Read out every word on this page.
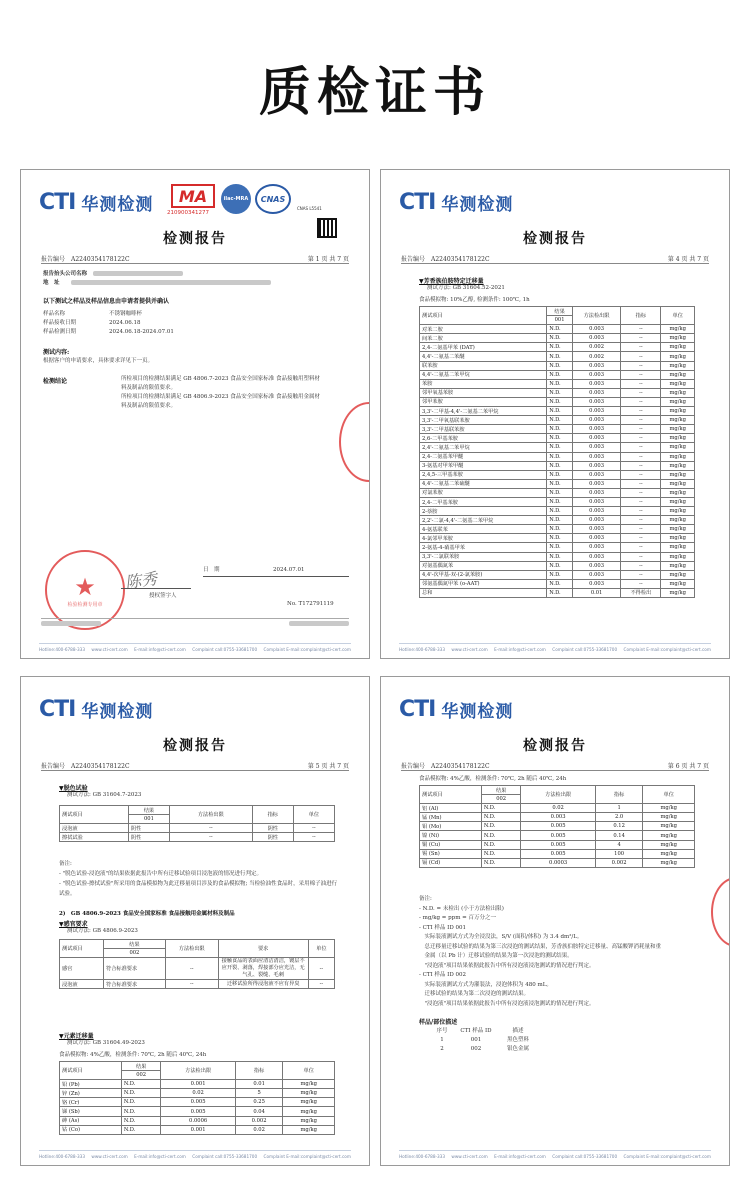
质检证书
CTI 华测检测 MA
210900341277
ilac-MRA CNAS
CNAS L5541
检测报告
报告编号　 A2240354178122C	第 1 页 共 7 页
报告抬头公司名称　
地　址　　
以下测试之样品及样品信息由申请者提供并确认
样品名称	不锈钢咖啡杯
样品接收日期	2024.06.18
样品检测日期	2024.06.18-2024.07.01
测试内容:
根据客户的申请要求，具体要求详见下一页。
检测结论	所检项目的检测结果满足 GB 4806.7-2023 食品安全国家标准 食品接触用塑料材料及制品的限值要求。
所检项目的检测结果满足 GB 4806.9-2023 食品安全国家标准 食品接触用金属材料及制品的限值要求。
★
检验检测专用章
陈秀
授权签字人
日　期	2024.07.01
No. T172791119
Hotline:400-6788-333 www.cti-cert.com E-mail:info@cti-cert.com Complaint call:0755-33681700 Complaint E-mail:complaint@cti-cert.com
CTI 华测检测
检测报告
报告编号　 A2240354178122C	第 4 页 共 7 页
▼芳香族伯胺特定迁移量
测试方法: GB 31604.52-2021
食品模拟物: 10%乙醇, 检测条件: 100℃, 1h
测试项目	结果	方法检出限	指标	单位
	001			
对苯二胺	N.D.	0.003	--	mg/kg
间苯二胺	N.D.	0.003	--	mg/kg
2,4-二氨基甲苯 (DAT)	N.D.	0.002	--	mg/kg
4,4'-二氨基二苯醚	N.D.	0.002	--	mg/kg
联苯胺	N.D.	0.003	--	mg/kg
4,4'-二氨基二苯甲烷	N.D.	0.003	--	mg/kg
苯胺	N.D.	0.003	--	mg/kg
邻甲氧基苯胺	N.D.	0.003	--	mg/kg
邻甲苯胺	N.D.	0.003	--	mg/kg
3,3'-二甲基-4,4'-二氨基二苯甲烷	N.D.	0.003	--	mg/kg
3,3'-二甲氧基联苯胺	N.D.	0.003	--	mg/kg
3,3'-二甲基联苯胺	N.D.	0.003	--	mg/kg
2,6-二甲基苯胺	N.D.	0.003	--	mg/kg
2,4'-二氨基二苯甲烷	N.D.	0.003	--	mg/kg
2,4-二氨基苯甲醚	N.D.	0.003	--	mg/kg
3-氨基对甲苯甲醚	N.D.	0.003	--	mg/kg
2,4,5-三甲基苯胺	N.D.	0.003	--	mg/kg
4,4'-二氨基二苯硫醚	N.D.	0.003	--	mg/kg
对氯苯胺	N.D.	0.003	--	mg/kg
2,4-二甲基苯胺	N.D.	0.003	--	mg/kg
2-萘胺	N.D.	0.003	--	mg/kg
2,2'-二氯-4,4'-二氨基二苯甲烷	N.D.	0.003	--	mg/kg
4-氨基联苯	N.D.	0.003	--	mg/kg
4-氯邻甲苯胺	N.D.	0.003	--	mg/kg
2-氨基-4-硝基甲苯	N.D.	0.003	--	mg/kg
3,3'-二氯联苯胺	N.D.	0.003	--	mg/kg
对氨基偶氮苯	N.D.	0.003	--	mg/kg
4,4'-次甲基-双-(2-氯苯胺)	N.D.	0.003	--	mg/kg
邻氨基偶氮甲苯 (o-AAT)	N.D.	0.003	--	mg/kg
总和	N.D.	0.01	不得检出	mg/kg
Hotline:400-6788-333 www.cti-cert.com E-mail:info@cti-cert.com Complaint call:0755-33681700 Complaint E-mail:complaint@cti-cert.com
CTI 华测检测
检测报告
报告编号　 A2240354178122C	第 5 页 共 7 页
▼脱色试验
测试方法: GB 31604.7-2023
测试项目	结果	方法检出限	指标	单位
	001			
浸泡液	阴性	--	阴性	--
擦拭试验	阴性	--	阴性	--
备注:
- "脱色试验-浸泡液"的结果依据此报告中所有迁移试验项目浸泡液的情况进行判定。
- "脱色试验-擦拭试验"所采用的食品模拟物为此迁移量项目涉及的食品模拟物; 当检验油性食品时，采用棉子油进行试验。
2)　GB 4806.9-2023 食品安全国家标准 食品接触用金属材料及制品
▼感官要求
测试方法: GB 4806.9-2023
测试项目	结果	方法检出限	要求	单位
	002			
感官	符合标准要求	--	接触食品的表面应清洁清洁，镀层不应开裂、剥落，焊接部分应光洁，无气孔、裂缝、毛刺	--
浸泡液	符合标准要求	--	迁移试验所得浸泡液不应有异臭	--
▼元素迁移量
测试方法: GB 31604.49-2023
食品模拟物: 4%乙酸，检测条件: 70℃, 2h 随后 40℃, 24h
测试项目	结果	方法检出限	指标	单位
	002			
铅 (Pb)	N.D.	0.001	0.01	mg/kg
锌 (Zn)	N.D.	0.02	5	mg/kg
铬 (Cr)	N.D.	0.005	0.25	mg/kg
锑 (Sb)	N.D.	0.005	0.04	mg/kg
砷 (As)	N.D.	0.0006	0.002	mg/kg
钴 (Co)	N.D.	0.001	0.02	mg/kg
Hotline:400-6788-333 www.cti-cert.com E-mail:info@cti-cert.com Complaint call:0755-33681700 Complaint E-mail:complaint@cti-cert.com
CTI 华测检测
检测报告
报告编号　 A2240354178122C	第 6 页 共 7 页
食品模拟物: 4%乙酸，检测条件: 70℃, 2h 随后 40℃, 24h
测试项目	结果	方法检出限	指标	单位
	002			
铝 (Al)	N.D.	0.02	1	mg/kg
锰 (Mn)	N.D.	0.003	2.0	mg/kg
钼 (Mo)	N.D.	0.005	0.12	mg/kg
镍 (Ni)	N.D.	0.005	0.14	mg/kg
铜 (Cu)	N.D.	0.005	4	mg/kg
锡 (Sn)	N.D.	0.005	100	mg/kg
镉 (Cd)	N.D.	0.0003	0.002	mg/kg
备注:
- N.D. = 未检出 (小于方法检出限)
- mg/kg = ppm = 百万分之一
- CTI 样品 ID 001
　实际装液测试方式为全浸没法，S/V (面积/体积) 为 3.4 dm²/L。
　总迁移量迁移试验的结果为第三次浸泡的测试结果，芳香族伯胺特定迁移量、高锰酸钾消耗量和重
　金属（以 Pb 计）迁移试验的结果为第一次浸泡的测试结果。
　"浸泡液"项目结果依据此报告中所有浸泡液浸泡测试的情况进行判定。
- CTI 样品 ID 002
　实际装液测试方式为灌装法，浸泡体积为 480 mL。
　迁移试验的结果为第二次浸泡的测试结果。
　"浸泡液"项目结果依据此报告中所有浸泡液浸泡测试的情况进行判定。
样品/部位描述
序号	CTI 样品 ID	描述
1	001	黑色塑料
2	002	银色金属
Hotline:400-6788-333 www.cti-cert.com E-mail:info@cti-cert.com Complaint call:0755-33681700 Complaint E-mail:complaint@cti-cert.com
